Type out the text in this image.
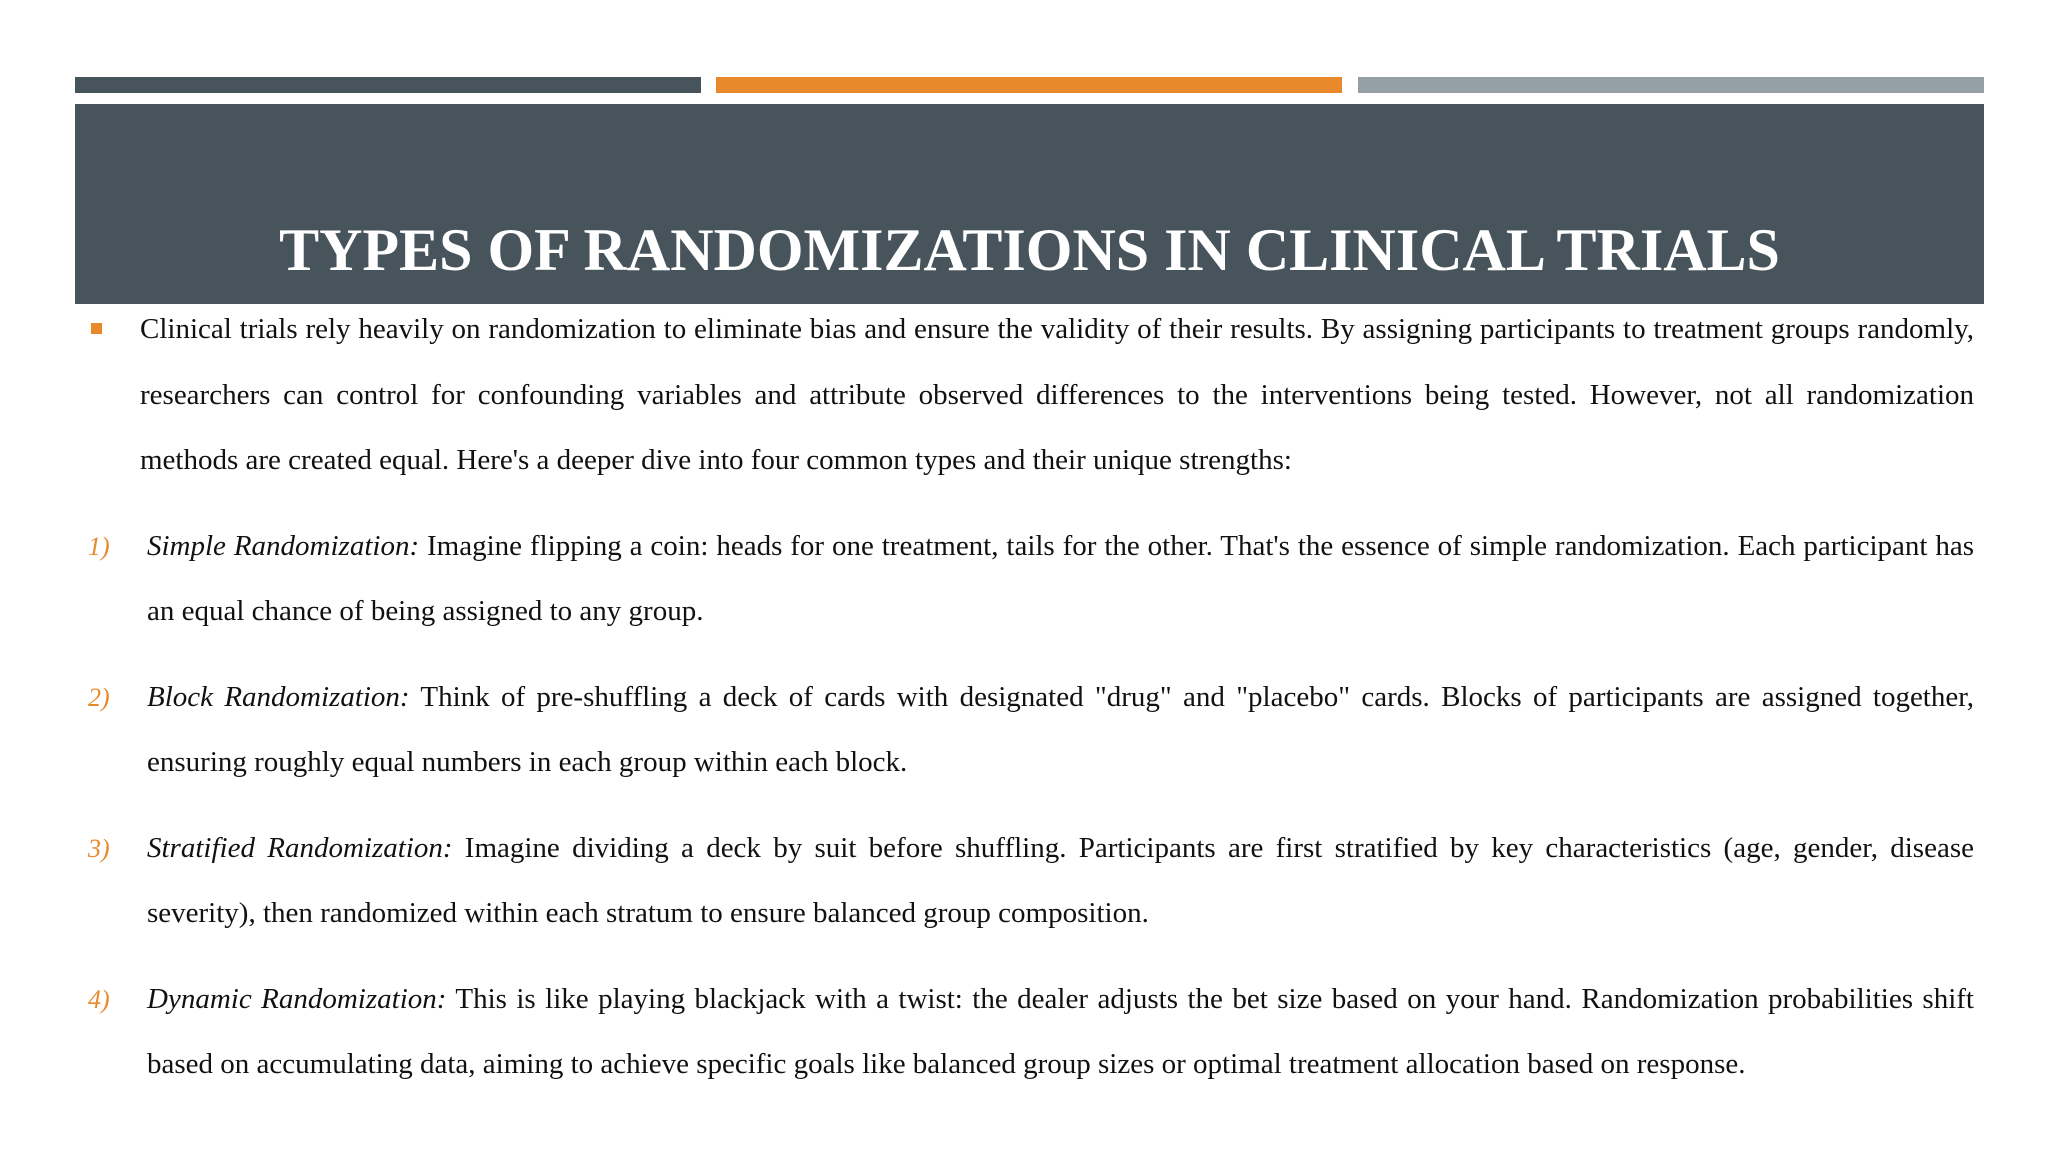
TYPES OF RANDOMIZATIONS IN CLINICAL TRIALS

Clinical trials rely heavily on randomization to eliminate bias and ensure the validity of their results. By assigning participants to treatment groups randomly, researchers can control for confounding variables and attribute observed differences to the interventions being tested. However, not all randomization methods are created equal. Here's a deeper dive into four common types and their unique strengths:

1) Simple Randomization: Imagine flipping a coin: heads for one treatment, tails for the other. That's the essence of simple randomization. Each participant has an equal chance of being assigned to any group.
2) Block Randomization: Think of pre-shuffling a deck of cards with designated "drug" and "placebo" cards. Blocks of participants are assigned together, ensuring roughly equal numbers in each group within each block.
3) Stratified Randomization: Imagine dividing a deck by suit before shuffling. Participants are first stratified by key characteristics (age, gender, disease severity), then randomized within each stratum to ensure balanced group composition.
4) Dynamic Randomization: This is like playing blackjack with a twist: the dealer adjusts the bet size based on your hand. Randomization probabilities shift based on accumulating data, aiming to achieve specific goals like balanced group sizes or optimal treatment allocation based on response.
